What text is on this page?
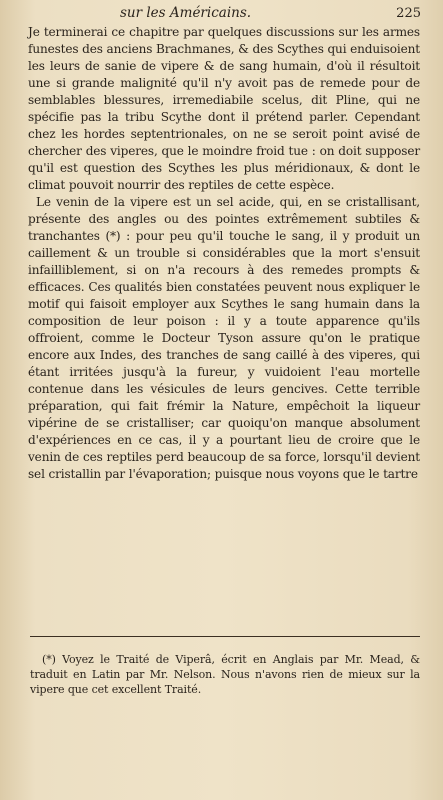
sur les Américains.	225

Je terminerai ce chapitre par quelques discussions sur les armes funestes des anciens Brachmanes, & des Scythes qui enduisoient les leurs de sanie de vipere & de sang humain, d'où il résultoit une si grande malignité qu'il n'y avoit pas de remede pour de semblables blessures, irremediabile scelus, dit Pline, qui ne spécifie pas la tribu Scythe dont il prétend parler. Cependant chez les hordes septentrionales, on ne se seroit point avisé de chercher des viperes, que le moindre froid tue : on doit supposer qu'il est question des Scythes les plus méridionaux, & dont le climat pouvoit nourrir des reptiles de cette espèce.

Le venin de la vipere est un sel acide, qui, en se cristallisant, présente des angles ou des pointes extrêmement subtiles & tranchantes (*) : pour peu qu'il touche le sang, il y produit un caillement & un trouble si considérables que la mort s'ensuit infailliblement, si on n'a recours à des remedes prompts & efficaces. Ces qualités bien constatées peuvent nous expliquer le motif qui faisoit employer aux Scythes le sang humain dans la composition de leur poison : il y a toute apparence qu'ils offroient, comme le Docteur Tyson assure qu'on le pratique encore aux Indes, des tranches de sang caillé à des viperes, qui étant irritées jusqu'à la fureur, y vuidoient l'eau mortelle contenue dans les vésicules de leurs gencives. Cette terrible préparation, qui fait frémir la Nature, empêchoit la liqueur vipérine de se cristalliser; car quoiqu'on manque absolument d'expériences en ce cas, il y a pourtant lieu de croire que le venin de ces reptiles perd beaucoup de sa force, lorsqu'il devient sel cristallin par l'évaporation; puisque nous voyons que le tartre

(*) Voyez le Traité de Viperâ, écrit en Anglais par Mr. Mead, & traduit en Latin par Mr. Nelson. Nous n'avons rien de mieux sur la vipere que cet excellent Traité.
